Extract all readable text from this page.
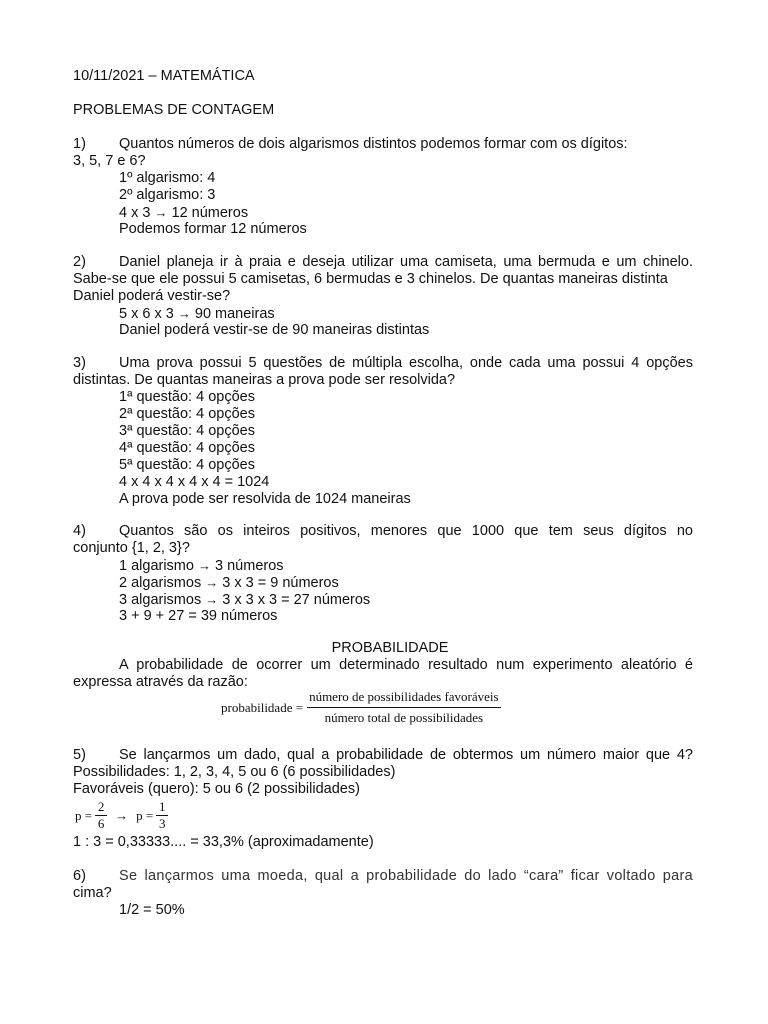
10/11/2021 – MATEMÁTICA
PROBLEMAS DE CONTAGEM
1) Quantos números de dois algarismos distintos podemos formar com os dígitos:
3, 5, 7 e 6?
1º algarismo: 4
2º algarismo: 3
4 x 3 → 12 números
Podemos formar 12 números
2) Daniel planeja ir à praia e deseja utilizar uma camiseta, uma bermuda e um chinelo.
Sabe-se que ele possui 5 camisetas, 6 bermudas e 3 chinelos. De quantas maneiras distinta
Daniel poderá vestir-se?
5 x 6 x 3 → 90 maneiras
Daniel poderá vestir-se de 90 maneiras distintas
3) Uma prova possui 5 questões de múltipla escolha, onde cada uma possui 4 opções
distintas. De quantas maneiras a prova pode ser resolvida?
1ª questão: 4 opções
2ª questão: 4 opções
3ª questão: 4 opções
4ª questão: 4 opções
5ª questão: 4 opções
4 x 4 x 4 x 4 x 4 = 1024
A prova pode ser resolvida de 1024 maneiras
4) Quantos são os inteiros positivos, menores que 1000 que tem seus dígitos no
conjunto {1, 2, 3}?
1 algarismo → 3 números
2 algarismos → 3 x 3 = 9 números
3 algarismos → 3 x 3 x 3 = 27 números
3 + 9 + 27 = 39 números
PROBABILIDADE
A probabilidade de ocorrer um determinado resultado num experimento aleatório é
expressa através da razão:
probabilidade = $\frac{\text{número de possibilidades favoráveis}}{\text{número total de possibilidades}}$
5) Se lançarmos um dado, qual a probabilidade de obtermos um número maior que 4?
Possibilidades: 1, 2, 3, 4, 5 ou 6 (6 possibilidades)
Favoráveis (quero): 5 ou 6 (2 possibilidades)
$p = \frac{2}{6} \to p = \frac{1}{3}$
1 : 3 = 0,33333.... = 33,3% (aproximadamente)
6) Se lançarmos uma moeda, qual a probabilidade do lado “cara” ficar voltado para
cima?
1/2 = 50%
